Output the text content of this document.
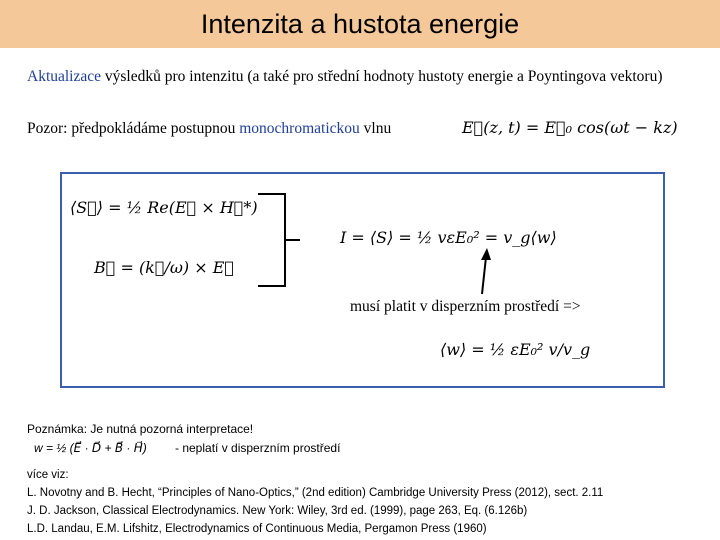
Intenzita a hustota energie
Aktualizace výsledků pro intenzitu (a také pro střední hodnoty hustoty energie a Poyntingova vektoru)
Pozor: předpokládáme postupnou monochromatickou vlnu	E⃗(z, t) = E⃗₀ cos(ωt − kz)
⟨S⃗⟩ = ½ Re(E⃗ × H⃗*)
B⃗ = (k⃗/ω) × E⃗
I = ⟨S⟩ = ½ vεE₀² = v_g⟨w⟩
musí platit v disperzním prostředí =>
⟨w⟩ = ½ εE₀² v/v_g
Poznámka: Je nutná pozorná interpretace!
w = ½ (E⃗ · D⃗ + B⃗ · H⃗) - neplatí v disperzním prostředí
více viz:
L. Novotny and B. Hecht, “Principles of Nano-Optics,” (2nd edition) Cambridge University Press (2012), sect. 2.11
J. D. Jackson, Classical Electrodynamics. New York: Wiley, 3rd ed. (1999), page 263, Eq. (6.126b)
L.D. Landau, E.M. Lifshitz, Electrodynamics of Continuous Media, Pergamon Press (1960)
